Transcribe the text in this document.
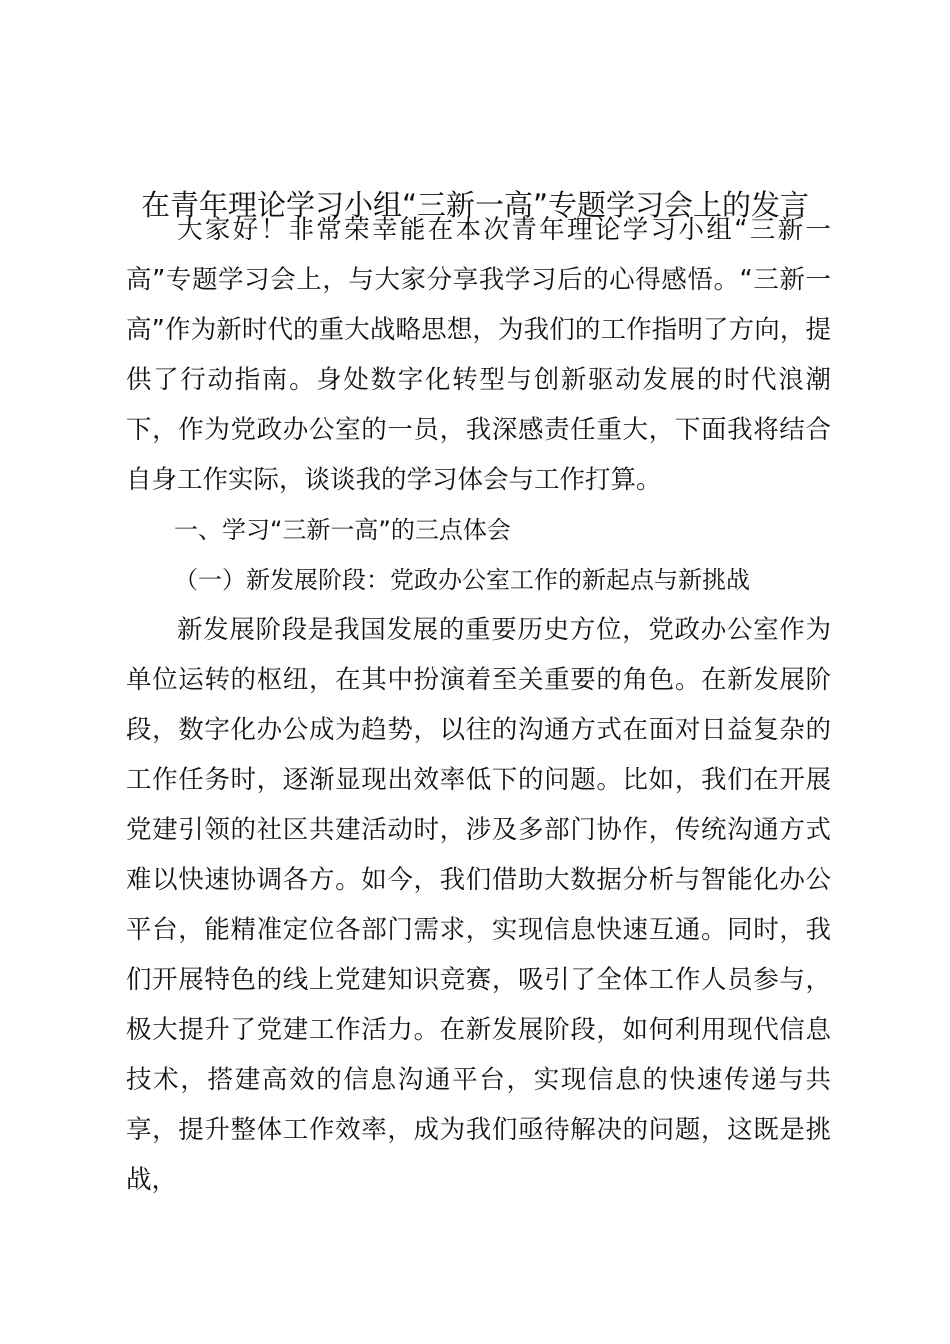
在青年理论学习小组“三新一高”专题学习会上的发言

大家好！非常荣幸能在本次青年理论学习小组“三新一高”专题学习会上，与大家分享我学习后的心得感悟。“三新一高”作为新时代的重大战略思想，为我们的工作指明了方向，提供了行动指南。身处数字化转型与创新驱动发展的时代浪潮下，作为党政办公室的一员，我深感责任重大，下面我将结合自身工作实际，谈谈我的学习体会与工作打算。

一、学习“三新一高”的三点体会

（一）新发展阶段：党政办公室工作的新起点与新挑战

新发展阶段是我国发展的重要历史方位，党政办公室作为单位运转的枢纽，在其中扮演着至关重要的角色。在新发展阶段，数字化办公成为趋势，以往的沟通方式在面对日益复杂的工作任务时，逐渐显现出效率低下的问题。比如，我们在开展党建引领的社区共建活动时，涉及多部门协作，传统沟通方式难以快速协调各方。如今，我们借助大数据分析与智能化办公平台，能精准定位各部门需求，实现信息快速互通。同时，我们开展特色的线上党建知识竞赛，吸引了全体工作人员参与，极大提升了党建工作活力。在新发展阶段，如何利用现代信息技术，搭建高效的信息沟通平台，实现信息的快速传递与共享，提升整体工作效率，成为我们亟待解决的问题，这既是挑战，
